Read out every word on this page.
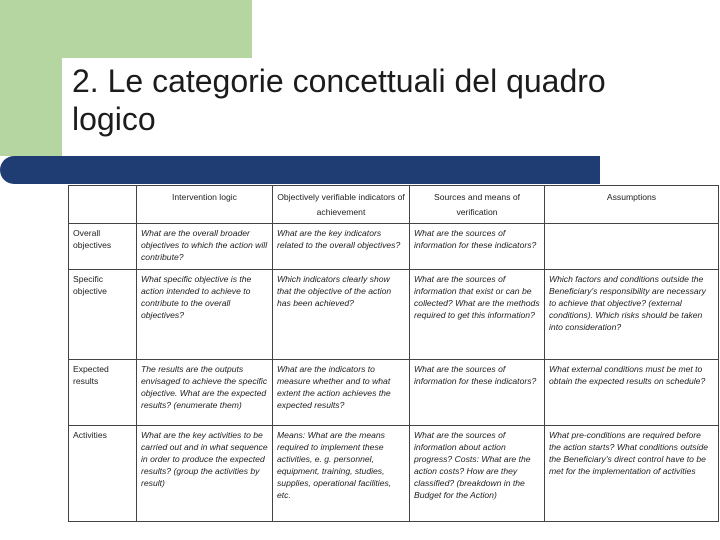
2. Le categorie concettuali del quadro logico
	Intervention logic	Objectively verifiable indicators of achievement	Sources and means of verification	Assumptions
Overall objectives	What are the overall broader objectives to which the action will contribute?	What are the key indicators related to the overall objectives?	What are the sources of information for these indicators?	
Specific objective	What specific objective is the action intended to achieve to contribute to the overall objectives?	Which indicators clearly show that the objective of the action has been achieved?	What are the sources of information that exist or can be collected? What are the methods required to get this information?	Which factors and conditions outside the Beneficiary's responsibility are necessary to achieve that objective? (external conditions). Which risks should be taken into consideration?
Expected results	The results are the outputs envisaged to achieve the specific objective. What are the expected results? (enumerate them)	What are the indicators to measure whether and to what extent the action achieves the expected results?	What are the sources of information for these indicators?	What external conditions must be met to obtain the expected results on schedule?
Activities	What are the key activities to be carried out and in what sequence in order to produce the expected results? (group the activities by result)	Means: What are the means required to implement these activities, e. g. personnel, equipment, training, studies, supplies, operational facilities, etc.	What are the sources of information about action progress? Costs: What are the action costs? How are they classified? (breakdown in the Budget for the Action)	What pre-conditions are required before the action starts? What conditions outside the Beneficiary's direct control have to be met for the implementation of activities
